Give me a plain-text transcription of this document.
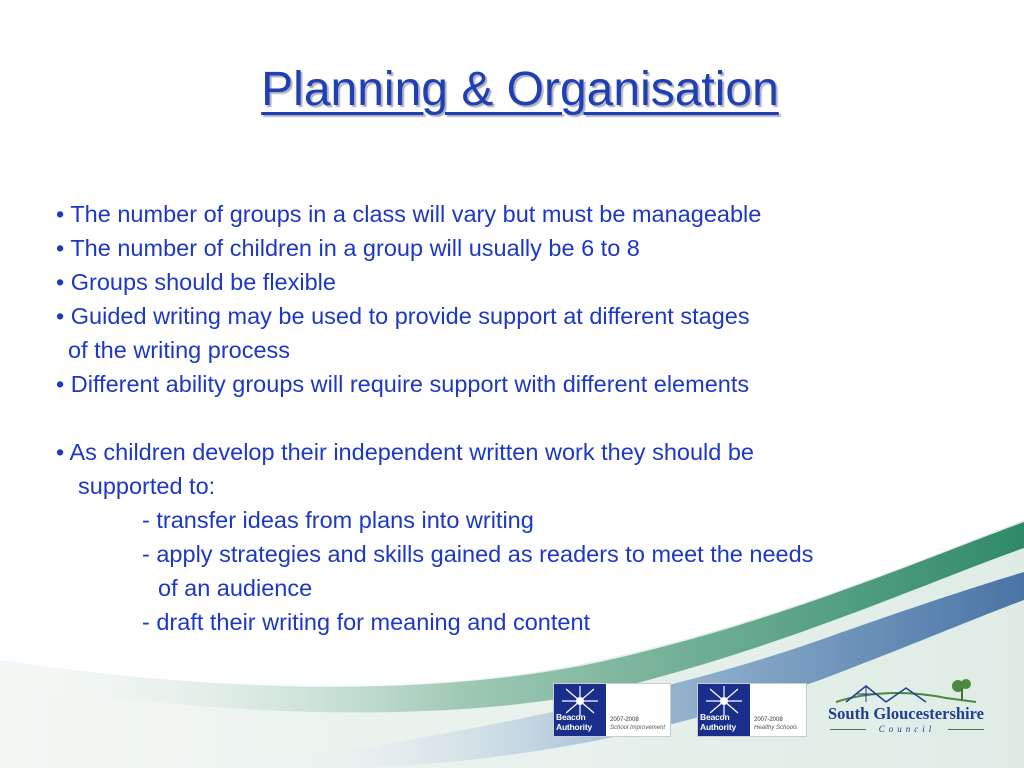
Planning & Organisation
• The number of groups in a class will vary but must be manageable
• The number of children in a group will usually be 6 to 8
• Groups should be flexible
• Guided writing may be used to provide support at different stages
of the writing process
• Different ability groups will require support with different elements
• As children develop their independent written work they should be
supported to:
- transfer ideas from plans into writing
- apply strategies and skills gained as readers to meet the needs
of an audience
- draft their writing for meaning and content
Beacon Authority
2007-2008
School Improvement
Beacon Authority
2007-2008
Healthy Schools
South Gloucestershire
Council
